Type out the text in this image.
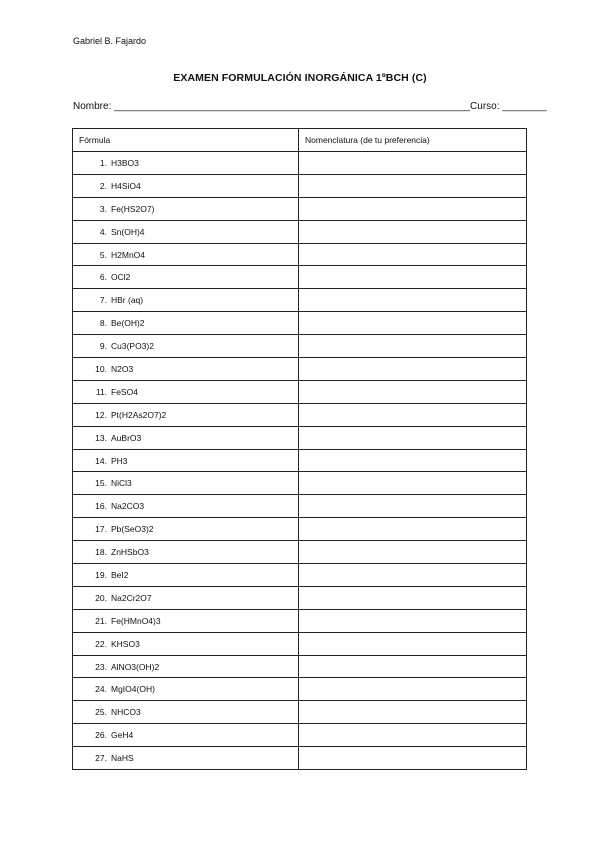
Gabriel B. Fajardo
EXAMEN FORMULACIÓN INORGÁNICA 1ºBCH (C)
Nombre: ________________________________________________________________Curso: ________
Fórmula	Nomenclatura (de tu preferencia)
1. H3BO3	
2. H4SiO4	
3. Fe(HS2O7)	
4. Sn(OH)4	
5. H2MnO4	
6. OCl2	
7. HBr (aq)	
8. Be(OH)2	
9. Cu3(PO3)2	
10. N2O3	
11. FeSO4	
12. Pt(H2As2O7)2	
13. AuBrO3	
14. PH3	
15. NiCl3	
16. Na2CO3	
17. Pb(SeO3)2	
18. ZnHSbO3	
19. BeI2	
20. Na2Cr2O7	
21. Fe(HMnO4)3	
22. KHSO3	
23. AlNO3(OH)2	
24. MgIO4(OH)	
25. NHCO3	
26. GeH4	
27. NaHS	
